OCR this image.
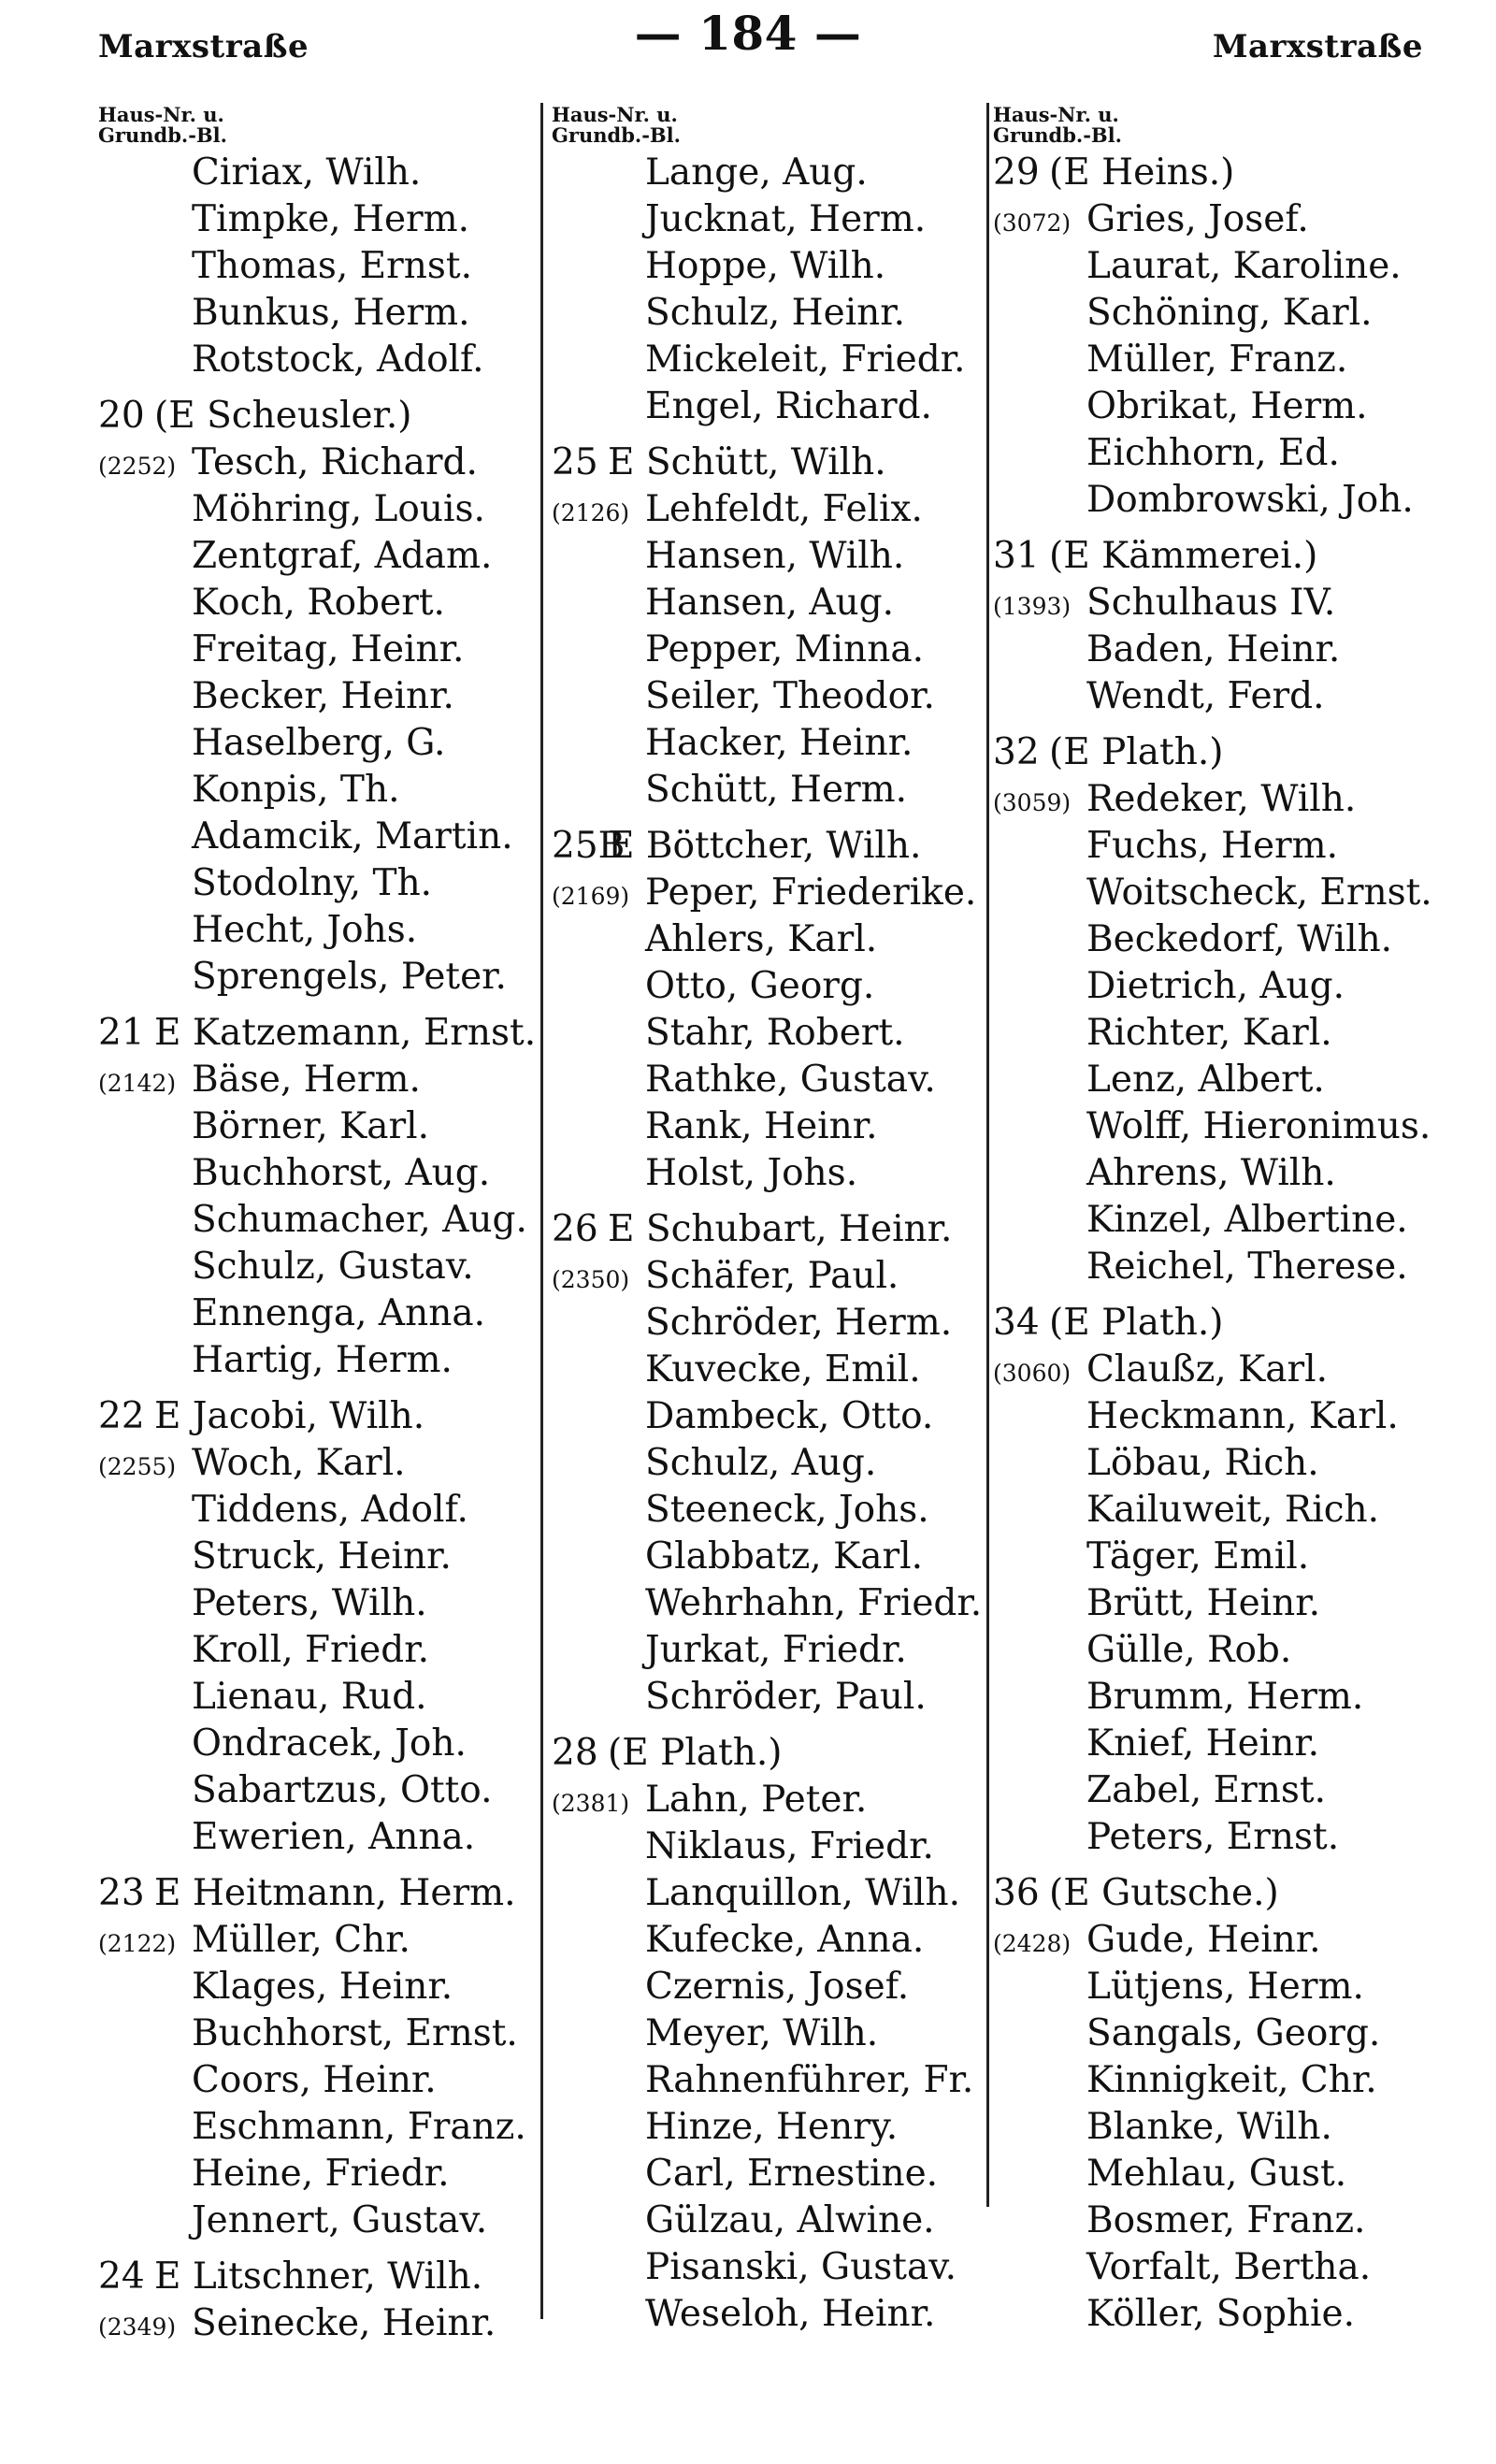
Marxstraße	— 184 —	Marxstraße
Haus-Nr. u.
Grundb.-Bl.
Ciriax, Wilh.
Timpke, Herm.
Thomas, Ernst.
Bunkus, Herm.
Rotstock, Adolf.
20 (E Scheusler.)
(2252) Tesch, Richard.
Möhring, Louis.
Zentgraf, Adam.
Koch, Robert.
Freitag, Heinr.
Becker, Heinr.
Haselberg, G.
Konpis, Th.
Adamcik, Martin.
Stodolny, Th.
Hecht, Johs.
Sprengels, Peter.
21 E Katzemann, Ernst.
(2142) Bäse, Herm.
Börner, Karl.
Buchhorst, Aug.
Schumacher, Aug.
Schulz, Gustav.
Ennenga, Anna.
Hartig, Herm.
22 E Jacobi, Wilh.
(2255) Woch, Karl.
Tiddens, Adolf.
Struck, Heinr.
Peters, Wilh.
Kroll, Friedr.
Lienau, Rud.
Ondracek, Joh.
Sabartzus, Otto.
Ewerien, Anna.
23 E Heitmann, Herm.
(2122) Müller, Chr.
Klages, Heinr.
Buchhorst, Ernst.
Coors, Heinr.
Eschmann, Franz.
Heine, Friedr.
Jennert, Gustav.
24 E Litschner, Wilh.
(2349) Seinecke, Heinr.
Haus-Nr. u.
Grundb.-Bl.
Lange, Aug.
Jucknat, Herm.
Hoppe, Wilh.
Schulz, Heinr.
Mickeleit, Friedr.
Engel, Richard.
25 E Schütt, Wilh.
(2126) Lehfeldt, Felix.
Hansen, Wilh.
Hansen, Aug.
Pepper, Minna.
Seiler, Theodor.
Hacker, Heinr.
Schütt, Herm.
25BE Böttcher, Wilh.
(2169) Peper, Friederike.
Ahlers, Karl.
Otto, Georg.
Stahr, Robert.
Rathke, Gustav.
Rank, Heinr.
Holst, Johs.
26 E Schubart, Heinr.
(2350) Schäfer, Paul.
Schröder, Herm.
Kuvecke, Emil.
Dambeck, Otto.
Schulz, Aug.
Steeneck, Johs.
Glabbatz, Karl.
Wehrhahn, Friedr.
Jurkat, Friedr.
Schröder, Paul.
28 (E Plath.)
(2381) Lahn, Peter.
Niklaus, Friedr.
Lanquillon, Wilh.
Kufecke, Anna.
Czernis, Josef.
Meyer, Wilh.
Rahnenführer, Fr.
Hinze, Henry.
Carl, Ernestine.
Gülzau, Alwine.
Pisanski, Gustav.
Weseloh, Heinr.
Haus-Nr. u.
Grundb.-Bl.
29 (E Heins.)
(3072) Gries, Josef.
Laurat, Karoline.
Schöning, Karl.
Müller, Franz.
Obrikat, Herm.
Eichhorn, Ed.
Dombrowski, Joh.
31 (E Kämmerei.)
(1393) Schulhaus IV.
Baden, Heinr.
Wendt, Ferd.
32 (E Plath.)
(3059) Redeker, Wilh.
Fuchs, Herm.
Woitscheck, Ernst.
Beckedorf, Wilh.
Dietrich, Aug.
Richter, Karl.
Lenz, Albert.
Wolff, Hieronimus.
Ahrens, Wilh.
Kinzel, Albertine.
Reichel, Therese.
34 (E Plath.)
(3060) Claußz, Karl.
Heckmann, Karl.
Löbau, Rich.
Kailuweit, Rich.
Täger, Emil.
Brütt, Heinr.
Gülle, Rob.
Brumm, Herm.
Knief, Heinr.
Zabel, Ernst.
Peters, Ernst.
36 (E Gutsche.)
(2428) Gude, Heinr.
Lütjens, Herm.
Sangals, Georg.
Kinnigkeit, Chr.
Blanke, Wilh.
Mehlau, Gust.
Bosmer, Franz.
Vorfalt, Bertha.
Köller, Sophie.
